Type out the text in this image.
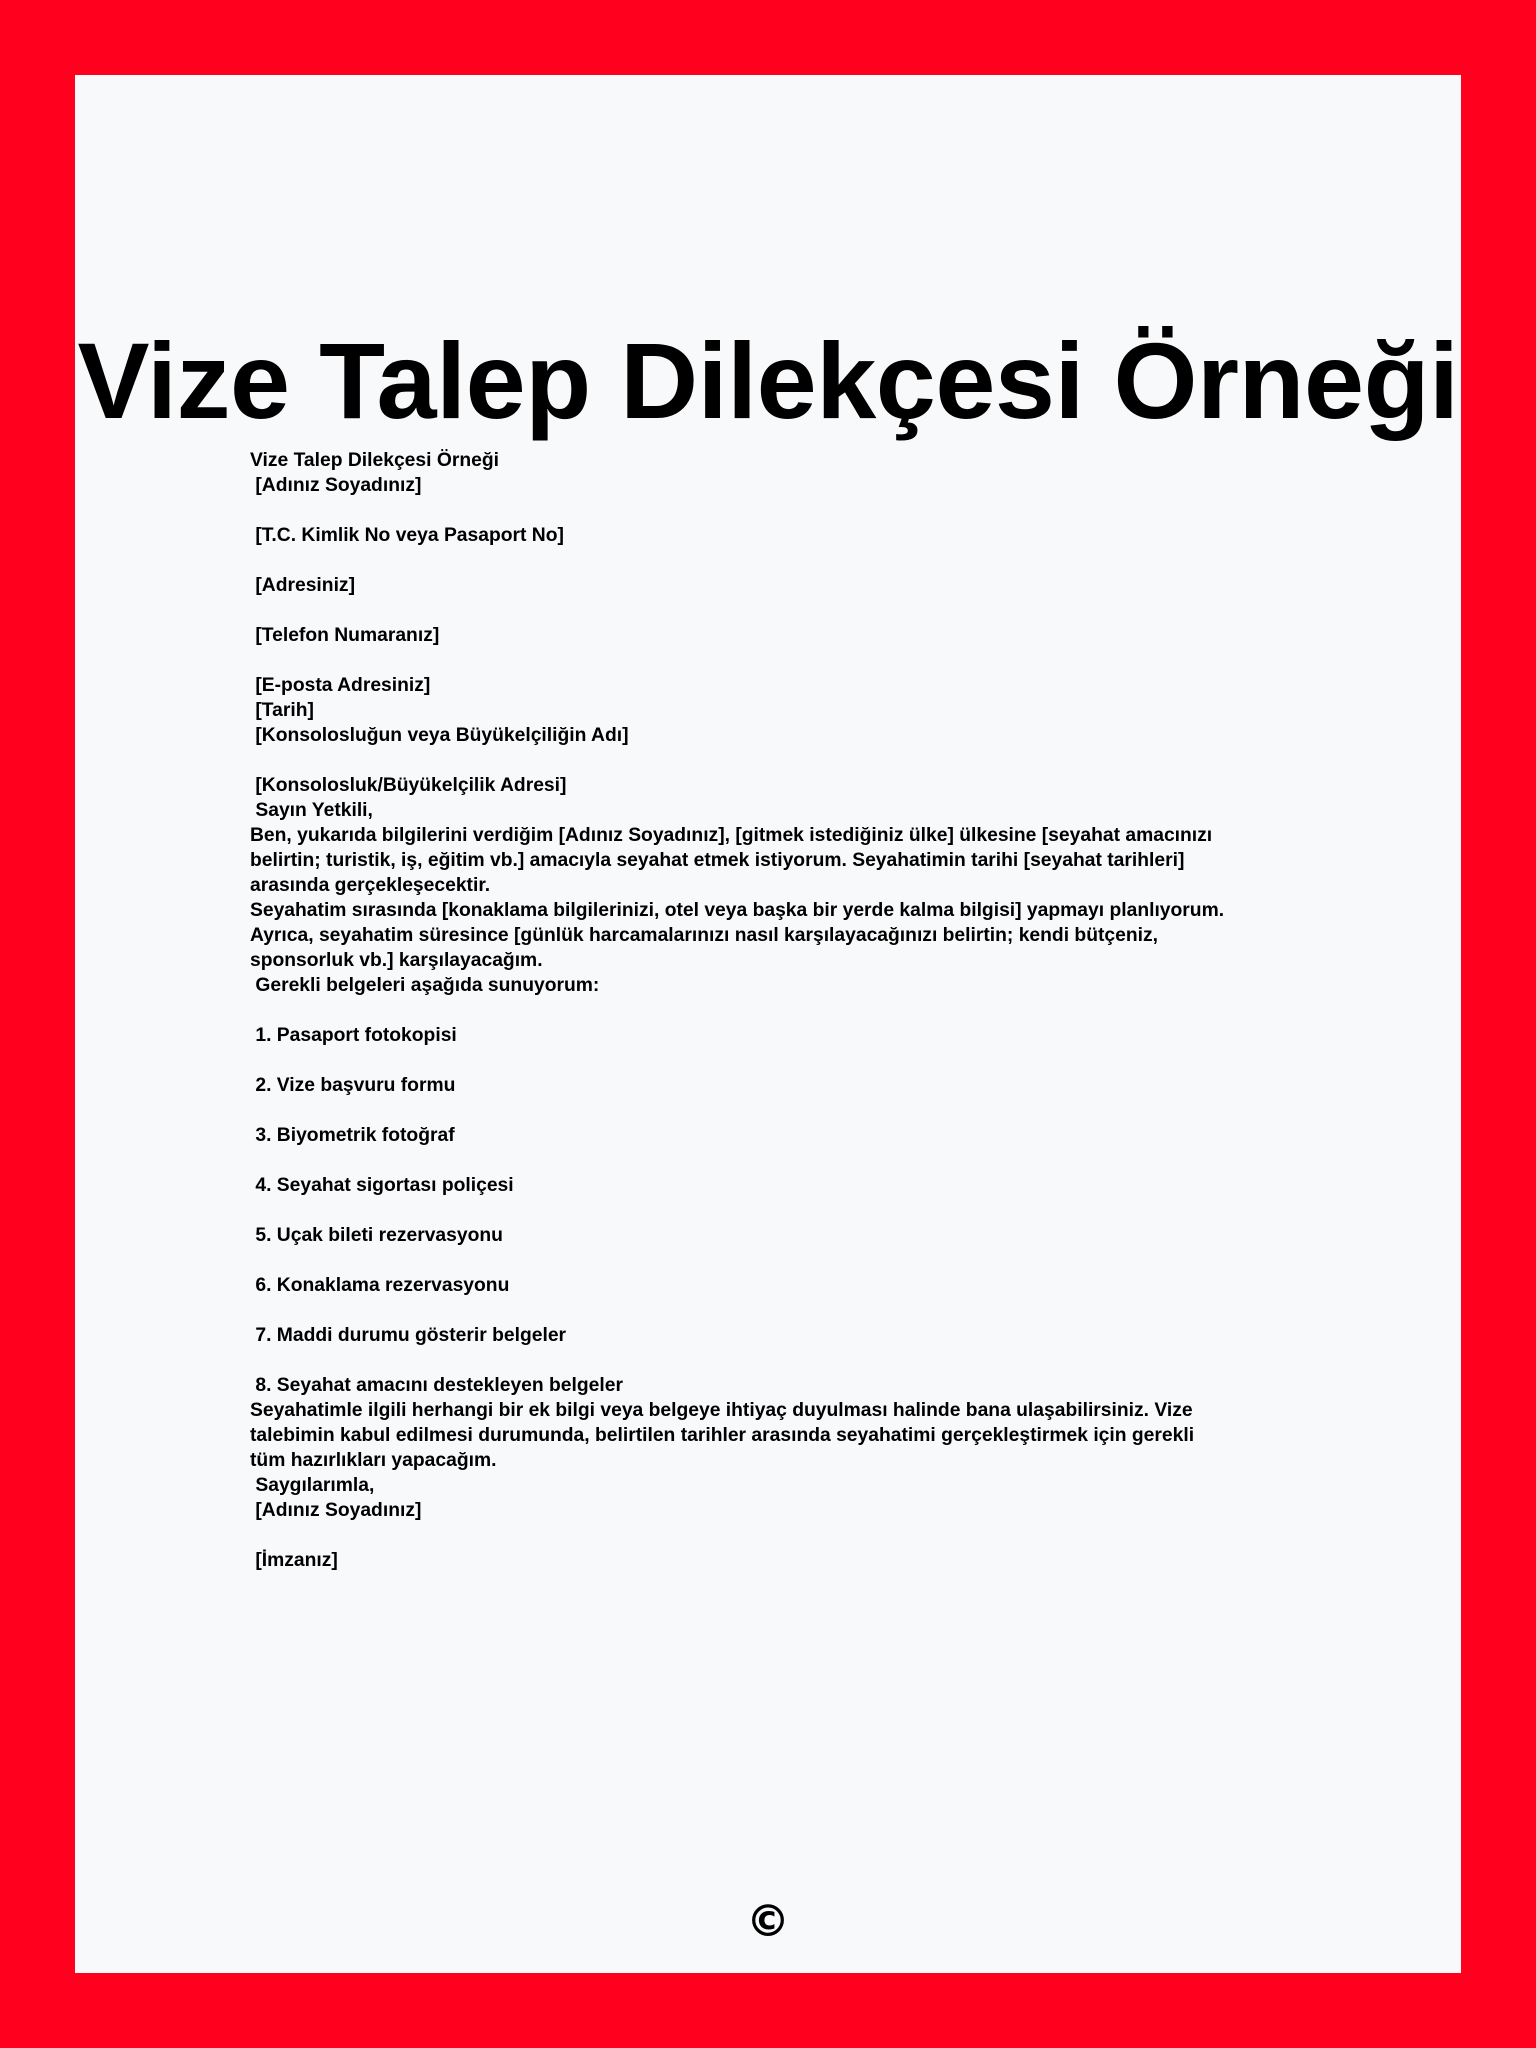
Vize Talep Dilekçesi Örneği
Vize Talep Dilekçesi Örneği
[Adınız Soyadınız]
[T.C. Kimlik No veya Pasaport No]
[Adresiniz]
[Telefon Numaranız]
[E-posta Adresiniz]
[Tarih]
[Konsolosluğun veya Büyükelçiliğin Adı]
[Konsolosluk/Büyükelçilik Adresi]
Sayın Yetkili,
Ben, yukarıda bilgilerini verdiğim [Adınız Soyadınız], [gitmek istediğiniz ülke] ülkesine [seyahat amacınızı
belirtin; turistik, iş, eğitim vb.] amacıyla seyahat etmek istiyorum. Seyahatimin tarihi [seyahat tarihleri]
arasında gerçekleşecektir.
Seyahatim sırasında [konaklama bilgilerinizi, otel veya başka bir yerde kalma bilgisi] yapmayı planlıyorum.
Ayrıca, seyahatim süresince [günlük harcamalarınızı nasıl karşılayacağınızı belirtin; kendi bütçeniz,
sponsorluk vb.] karşılayacağım.
Gerekli belgeleri aşağıda sunuyorum:
1. Pasaport fotokopisi
2. Vize başvuru formu
3. Biyometrik fotoğraf
4. Seyahat sigortası poliçesi
5. Uçak bileti rezervasyonu
6. Konaklama rezervasyonu
7. Maddi durumu gösterir belgeler
8. Seyahat amacını destekleyen belgeler
Seyahatimle ilgili herhangi bir ek bilgi veya belgeye ihtiyaç duyulması halinde bana ulaşabilirsiniz. Vize
talebimin kabul edilmesi durumunda, belirtilen tarihler arasında seyahatimi gerçekleştirmek için gerekli
tüm hazırlıkları yapacağım.
Saygılarımla,
[Adınız Soyadınız]
[İmzanız]
©
